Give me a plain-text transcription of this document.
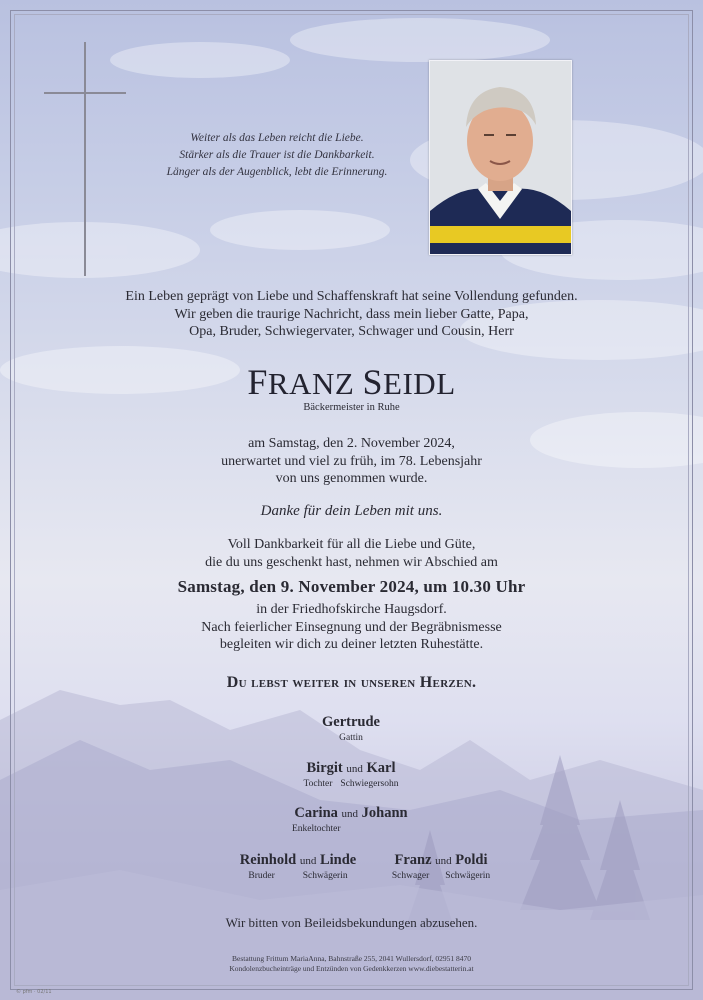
Weiter als das Leben reicht die Liebe.
Stärker als die Trauer ist die Dankbarkeit.
Länger als der Augenblick, lebt die Erinnerung.
Ein Leben geprägt von Liebe und Schaffenskraft hat seine Vollendung gefunden.
Wir geben die traurige Nachricht, dass mein lieber Gatte, Papa,
Opa, Bruder, Schwiegervater, Schwager und Cousin, Herr
FRANZ SEIDL
Bäckermeister in Ruhe
am Samstag, den 2. November 2024,
unerwartet und viel zu früh, im 78. Lebensjahr
von uns genommen wurde.
Danke für dein Leben mit uns.
Voll Dankbarkeit für all die Liebe und Güte,
die du uns geschenkt hast, nehmen wir Abschied am
Samstag, den 9. November 2024, um 10.30 Uhr
in der Friedhofskirche Haugsdorf.
Nach feierlicher Einsegnung und der Begräbnismesse
begleiten wir dich zu deiner letzten Ruhestätte.
Du lebst weiter in unseren Herzen.
Gertrude
Gattin
Birgit und Karl
Tochter Schwiegersohn
Carina und Johann
Enkeltochter
Reinhold und Linde
Bruder	Schwägerin
Franz und Poldi
Schwager Schwägerin
Wir bitten von Beileidsbekundungen abzusehen.
Bestattung Frittum MariaAnna, Bahnstraße 255, 2041 Wullersdorf, 02951 8470
Kondolenzbucheinträge und Entzünden von Gedenkkerzen www.diebestatterin.at
© pfm · 02/11
